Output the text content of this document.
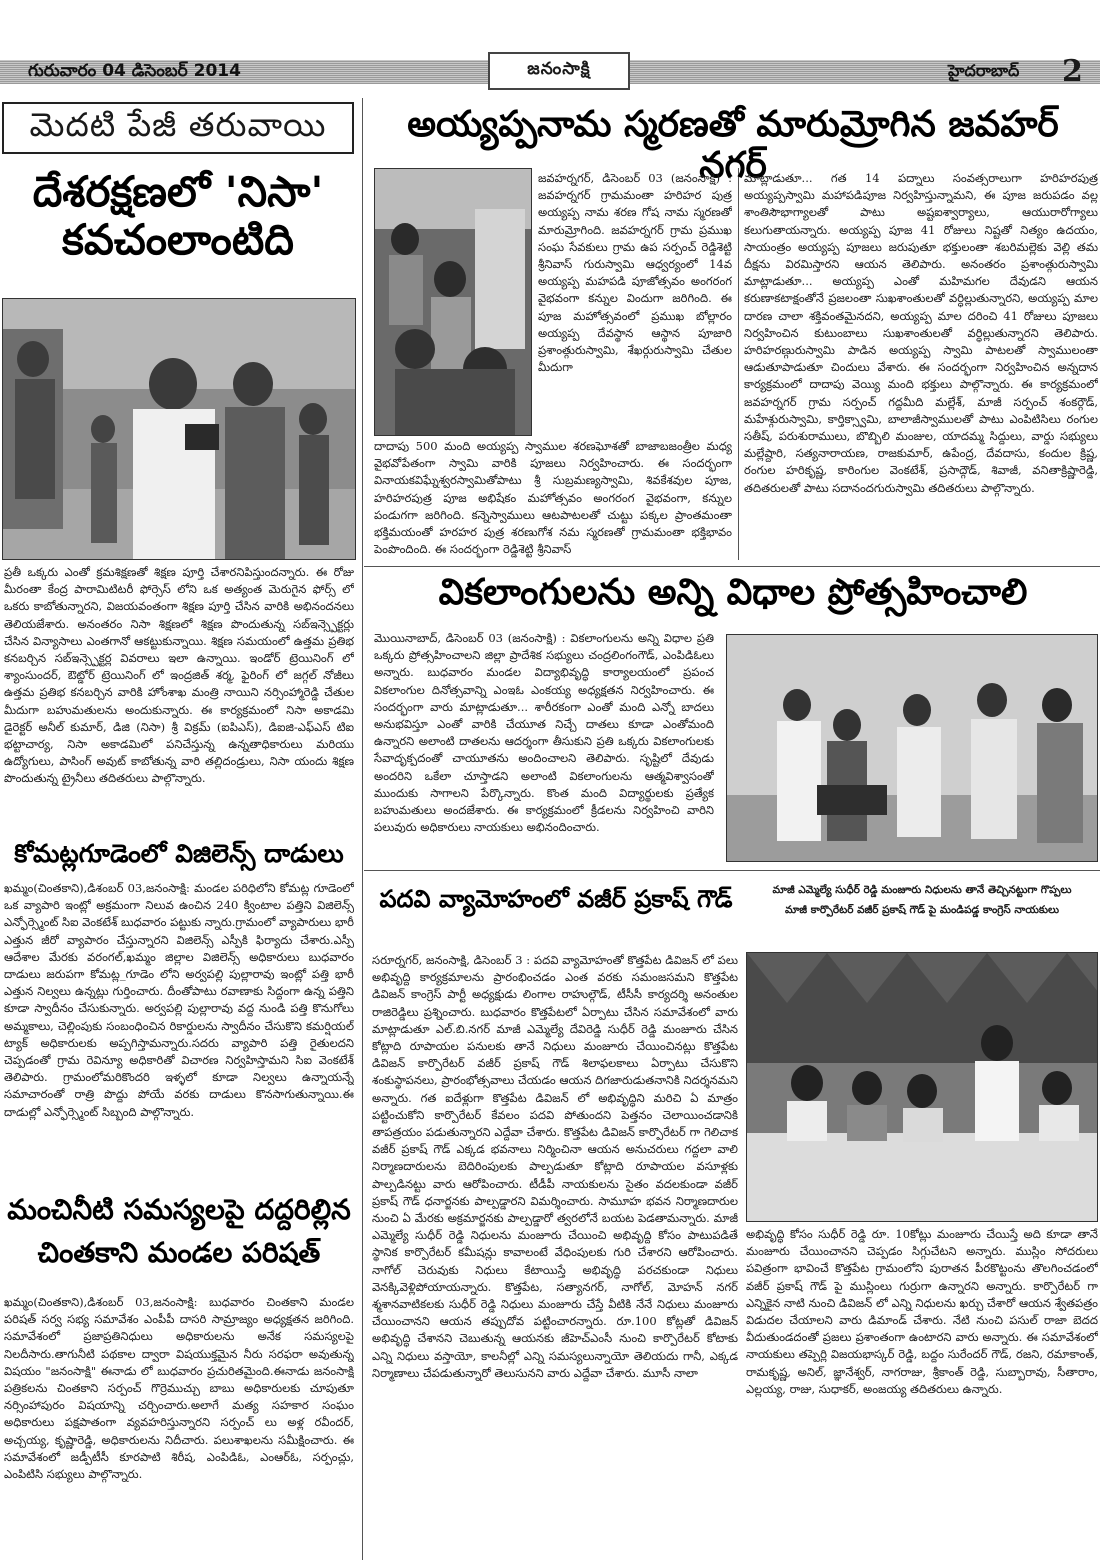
గురువారం 04 డిసెంబర్ 2014	జనంసాక్షి	హైదరాబాద్ 2
మెదటి పేజీ తరువాయి
దేశరక్షణలో 'నిసా' కవచంలాంటిది
ప్రతీ ఒక్కరు ఎంతో క్రమశిక్షణతో శిక్షణ పూర్తి చేశారనిపిస్తుందన్నారు. ఈ రోజు మీరంతా కేంద్ర పారామిటిటరీ ఫోర్సెస్ లోని ఒక అత్యంత మెరుగైన ఫోర్స్ లో ఒకరు కాబోతున్నారని, విజయవంతంగా శిక్షణ పూర్తి చేసిన వారికి అభినందనలు తెలియజేశారు. అనంతరం నిసా శిక్షణలో శిక్షణ పొందుతున్న సబ్ఇన్స్పెక్టర్లు చేసిన విన్యాసాలు ఎంతగానో ఆకట్టుకున్నాయి. శిక్షణ సమయంలో ఉత్తమ ప్రతిభ కనబర్చిన సబ్ఇన్స్పెక్టర్ల వివరాలు ఇలా ఉన్నాయి. ఇండోర్ ట్రెయినింగ్ లో శ్యాంసుందర్, ఔట్డోర్ ట్రెయినింగ్ లో ఇంద్రజిత్ శర్మ, ఫైరింగ్ లో జగ్గల్ నోజీలు ఉత్తమ ప్రతిభ కనబర్చిన వారికి హోంశాఖ మంత్రి నాయిని నర్సింహ్మారెడ్డి చేతుల మీదుగా బహుమతులను అందుకున్నారు. ఈ కార్యక్రమంలో నిసా అకాడమి డైరెక్టర్ అనీల్ కుమార్, డిజి (నిసా) శ్రీ విక్రమ్ (ఐపిఎస్), డిఐజి-ఎఫ్ఎస్ టిఐ భట్టాచార్య, నిసా అకాడమిలో పనిచేస్తున్న ఉన్నతాధికారులు మరియు ఉద్యోగులు, పాసింగ్ అవుట్ కాబోతున్న వారి తల్లిదండ్రులు, నిసా యందు శిక్షణ పొందుతున్న ట్రైనీలు తదితరులు పాల్గొన్నారు.
కోమట్లగూడెంలో విజిలెన్స్ దాడులు
ఖమ్మం(చింతకాని),డిశంబర్ 03,జనంసాక్షి: మండల పరిధిలోని కోమట్ల గూడెంలో ఒక వ్యాపారి ఇంట్లో అక్రమంగా నిలువ ఉంచిన 240 క్వింటాల పత్తిని విజిలెన్స్ ఎన్ఫోర్స్మెంట్ సిఐ వెంకటేశ్ బుధవారం పట్టుకు న్నారు.గ్రామంలో వ్యాపారులు భారీ ఎత్తున జీరో వ్యాపారం చేస్తున్నారని విజిలెన్స్ ఎస్పీకి ఫిర్యాదు చేశారు.ఎస్పీ ఆదేశాల మేరకు వరంగల్,ఖమ్మం జిల్లాల విజిలెన్స్ అధికారులు బుధవారం దాడులు జరుపగా కోమట్ల_గూడెం లోని అర్వపల్లి పుల్లారావు ఇంట్లో పత్తి భారీ ఎత్తున నిల్వలు ఉన్నట్లు గుర్తించారు. దీంతోపాటు రవాణాకు సిద్దంగా ఉన్న పత్తిని కూడా స్వాదీనం చేసుకున్నారు. అర్వపల్లి పుల్లారావు వద్ద నుండి పత్తి కొనుగోలు అమ్మకాలు, చెల్లింపుకు సంబంధించిన రికార్డులను స్వాదీనం చేసుకొని కమర్షియల్ ట్యాక్ అధికారులకు అప్పగిస్తామన్నారు.సదరు వ్యాపారి పత్తి రైతులదని చెప్పడంతో గ్రామ రెవిన్యూ అధికారితో విచారణ నిర్వహిస్తామని సిఐ వెంకటేశ్ తెలిపారు. గ్రామంలోమరికొందరి ఇళ్ళలో కూడా నిల్వలు ఉన్నాయన్నే సమాచారంతో రాత్రి పొద్దు పోయే వరకు దాడులు కొనసాగుతున్నాయి.ఈ దాడుల్లో ఎన్ఫోర్స్మెంట్ సిబ్బంది పాల్గొన్నారు.
మంచినీటి సమస్యలపై దద్దరిల్లిన
చింతకాని మండల పరిషత్
ఖమ్మం(చింతకాని),డిశంబర్ 03,జనంసాక్షి: బుధవారం చింతకాని మండల పరిషత్ సర్వ సభ్య సమావేశం ఎంపీపీ దాసరి సామ్రాజ్యం అధ్యక్షతన జరిగింది. సమావేశంలో ప్రజాప్రతినిధులు అధికారులను అనేక సమస్యలపై నిలదీసారు.తాగునీటి పథకాల ద్వారా విషయుక్తమైన నీరు సరఫరా అవుతున్న విషయం "జనంసాక్షి" ఈనాడు లో బుధవారం ప్రచురితమైంది.ఈనాడు జనంసాక్షి పత్రికలను చింతకాని సర్పంచ్ గొర్రెముచ్చు బాబు అధికారులకు చూపుతూ నర్సింహాపురం విషయాన్ని చర్చించారు.అలాగే మత్య సహకార సంఘం అధికారులు పక్షపాతంగా వ్యవహరిస్తున్నారని సర్పంచ్ లు అళ్ల రవీందర్, అచ్చయ్య, కృష్ణారెడ్డి, అధికారులను నిదీచారు. పలుశాఖలను సమీక్షించారు. ఈ సమావేశంలో జడ్పీటీసీ కూరపాటి శిరీష, ఎంపిడిఓ, ఎంఆర్ఓ, సర్పంచ్లు, ఎంపిటిసి సభ్యులు పాల్గొన్నారు.
అయ్యప్పనామ స్మరణతో మారుమ్రోగిన జవహర్ నగర్
జవహర్నగర్, డిసెంబర్ 03 (జనంసాక్షి) : జవహర్నగర్ గ్రామమంతా హరిహర పుత్ర అయ్యప్ప నామ శరణ గోష నామ స్మరణతో మారుమ్రోగింది. జవహర్నగర్ గ్రామ ప్రముఖ సంఘ సేవకులు గ్రామ ఉప సర్పంచ్ రెడ్డిశెట్టి శ్రీనివాస్ గురుస్వామి ఆధ్వర్యంలో 14వ అయ్యప్ప మహపడి పూజోత్సవం అంగరంగ వైభవంగా కన్నుల విందుగా జరిగింది. ఈ పూజ మహోత్సవంలో ప్రముఖ బోల్లారం అయ్యప్ప దేవస్థాన ఆస్థాన పూజారి ప్రశాంత్గురుస్వామి, శేఖర్గురుస్వామి చేతుల మీదుగా
దాదాపు 500 మంది అయ్యప్ప స్వాముల శరణఘోశతో బాజాబజంత్రీల మధ్య వైభవోపేతంగా స్వామి వారికి పూజలు నిర్వహించారు. ఈ సందర్భంగా వినాయకవిఘ్నేశ్వరస్వామితోపాటు శ్రీ సుబ్రమణ్యస్వామి, శివకేశవుల పూజ, హరిహరపుత్ర పూజ అభిషేకం మహోత్సవం అంగరంగ వైభవంగా, కన్నుల పండుగగా జరిగింది. కన్నెస్వాములు ఆటపాటలతో చుట్టు పక్కల ప్రాంతమంతా భక్తిమయంతో హరహర పుత్ర శరణుగోశ నమ స్మరణతో గ్రామమంతా భక్తిభావం పెంపొందింది. ఈ సందర్భంగా రెడ్డిశెట్టి శ్రీనివాస్
మాట్లాడుతూ... గత 14 పద్నాలు సంవత్సరాలుగా హరిహరపుత్ర అయ్యప్పస్వామి మహాపడిపూజ నిర్వహిస్తున్నామని, ఈ పూజ జరుపడం వల్ల శాంతిసౌభాగ్యాలతో పాటు అష్టఐశ్వార్యాలు, ఆయురారోగ్యాలు కలుగుతాయన్నారు. అయ్యప్ప పూజ 41 రోజులు నిష్టతో నిత్యం ఉదయం, సాయంత్రం అయ్యప్ప పూజలు జరుపుతూ భక్తులంతా శబరిమల్లెకు వెల్లి తమ దీక్షను విరమిస్తారని ఆయన తెలిపారు. అనంతరం ప్రశాంత్గురుస్వామి మాట్లాడుతూ... అయ్యప్ప ఎంతో మహిమగల దేవుడని ఆయన కరుణాకటాక్షంతోనే ప్రజలంతా సుఖశాంతులతో వర్ధిల్లుతున్నారని, అయ్యప్ప మాల దారణ చాలా శక్తివంతమైనదని, అయ్యప్ప మాల దరించి 41 రోజులు పూజలు నిర్వహించిన కుటుంబాలు సుఖశాంతులతో వర్ధిల్లుతున్నారని తెలిపారు. హరిహరణ్గురుస్వామి పాడిన అయ్యప్ప స్వామి పాటలతో స్వాములంతా ఆడుతూపాడుతూ చిందులు వేశారు. ఈ సందర్భంగా నిర్వహించిన అన్నదాన కార్యక్రమంలో దాదాపు వెయ్యి మంది భక్తులు పాల్గొన్నారు. ఈ కార్యక్రమంలో జవహర్నగర్ గ్రామ సర్పంచ్ గద్దమీది మల్లేశ్, మాజీ సర్పంచ్ శంకర్గౌడ్, మహేశ్గురుస్వామి, కార్తిక్స్వామి, బాలాజీస్వాములతో పాటు ఎంపిటిసిలు రంగుల సతీష్, పరుశురాములు, బొబ్బిలి మంజుల, యాదమ్మ సిద్దులు, వార్డు సభ్యులు మల్లేష్దారి, సత్యనారాయణ, రాజకుమార్, ఉపేంద్ర, దేవదాసు, కందుల క్రిష్ణ, రంగుల హరికృష్ణ, కారింగుల వెంకటేశ్, ప్రసాద్గౌడ్, శివాజీ, వనితాక్రిష్ణారెడ్డి, తదితరులతో పాటు సదానందగురుస్వామి తదితరులు పాల్గొన్నారు.
వికలాంగులను అన్ని విధాల ప్రోత్సహించాలి
మొయినాబాద్, డిసెంబర్ 03 (జనంసాక్షి) : వికలాంగులను అన్ని విధాల ప్రతి ఒక్కరు ప్రోత్సహించాలని జిల్లా ప్రాదేశిక సభ్యులు చంద్రలింగంగౌడ్, ఎంపిడిఓలు అన్నారు. బుధవారం మండల విద్యాభివృద్ధి కార్యాలయంలో ప్రపంచ వికలాంగుల దినోత్సవాన్ని ఎంఇఓ ఎంకయ్య అధ్యక్షతన నిర్వహించారు. ఈ సందర్భంగా వారు మాట్లాడుతూ... శారీరకంగా ఎంతో మంది ఎన్నో బాదలు అనుభవిస్తూ ఎంతో వారికి చేయూత నిచ్చే దాతలు కూడా ఎంతోమంది ఉన్నారని అలాంటి దాతలను ఆదర్శంగా తీసుకుని ప్రతి ఒక్కరు వికలాంగులకు సేవాదృక్పదంతో చాయూతను అందించాలని తెలిపారు. సృష్టిలో దేవుడు అందరిని ఒకేలా చూస్తాడని అలాంటి వికలాంగులను ఆత్మవిశ్వాసంతో ముందుకు సాగాలని పేర్కొన్నారు. కొంత మంది విద్యార్థులకు ప్రత్యేక బహుమతులు అందజేశారు. ఈ కార్యక్రమంలో క్రీడలను నిర్వహించి వారిని పలువురు అధికారులు నాయకులు అభినందించారు.
పదవి వ్యామోహంలో వజీర్ ప్రకాష్ గౌడ్	మాజీ ఎమ్మెల్యే సుధీర్ రెడ్డి మంజూరు నిధులను తానే తెచ్చినట్టుగా గొప్పలు
మాజీ కార్పొరేటర్ వజీర్ ప్రకాష్ గౌడ్ పై మండిపడ్డ కాంగ్రెస్ నాయకులు
సరూర్నగర్, జనంసాక్షి, డిసెంబర్ 3 : పదవి వ్యామోహంతో కొత్తపేట డివిజన్ లో పలు అభివృద్ది కార్యక్రమాలను ప్రారంభించడం ఎంత వరకు సమంజసమని కొత్తపేట డివిజన్ కాంగ్రెస్ పార్టీ అధ్యక్షుడు లింగాల రాహుల్గౌడ్, టీసీసీ కార్యదర్శి అనంతుల రాజిరెడ్డిలు ప్రశ్నించారు. బుధవారం కొత్తపేటలో ఏర్పాటు చేసిన సమావేశంలో వారు మాట్లాడుతూ ఎల్.బి.నగర్ మాజీ ఎమ్మెల్యే దేవిరెడ్డి సుధీర్ రెడ్డి మంజూరు చేసిన కోట్లాది రూపాయల పనులకు తానే నిధులు మంజూరు చేయించినట్లు కొత్తపేట డివిజన్ కార్పొరేటర్ వజీర్ ప్రకాష్ గౌడ్ శిలాఫలకాలు ఏర్పాటు చేసుకొని శంకుస్థాపనలు, ప్రారంభోత్సవాలు చేయడం ఆయన దిగజారుడుతనానికి నిదర్శనమని అన్నారు. గత ఐదేళ్లుగా కొత్తపేట డివిజన్ లో అభివృద్ధిని మరిచి ఏ మాత్రం పట్టించుకోని కార్పొరేటర్ కేవలం పదవి పోతుందని పెత్తనం చెలాయించడానికి తాపత్రయం పడుతున్నారని ఎద్దేవా చేశారు. కొత్తపేట డివిజన్ కార్పొరేటర్ గా గెలిచాక వజీర్ ప్రకాష్ గౌడ్ ఎక్కడ భవనాలు నిర్మించినా ఆయన అనుచరులు గద్దలా వాలి నిర్మాణదారులను బెదిరింపులకు పాల్పడుతూ కోట్లాది రూపాయల వసూళ్లకు పాల్పడినట్టు వారు ఆరోపించారు. టీడీపీ నాయకులను సైతం వదలకుండా వజీర్ ప్రకాష్ గౌడ్ ధనార్జనకు పాల్పడ్డారని విమర్శించారు. సామూహ భవన నిర్మాణదారుల నుంచి ఏ మేరకు అక్రమార్జనకు పాల్పడ్డారో త్వరలోనే బయట పెడతామన్నారు. మాజీ ఎమ్మెల్యే సుధీర్ రెడ్డి నిధులను మంజూరు చేయించి అభివృద్ది కోసం పాటుపడితే స్థానిక కార్పొరేటర్ కమీషన్లు కావాలంటే వేధింపులకు గురి చేశారని ఆరోపించారు. నాగోల్ చెరువుకు నిధులు కేటాయిస్తే అభివృద్ధి పరచకుండా నిధులు వెనక్కివెళ్లిపోయాయన్నారు. కొత్తపేట, సత్యానగర్, నాగోల్, మోహన్ నగర్ శ్మశానవాటికలకు సుధీర్ రెడ్డి నిధులు మంజూరు చేస్తే వీటికి నేనే నిధులు మంజూరు చేయించానని ఆయన తప్పుదోవ పట్టించారన్నారు. రూ.100 కోట్లతో డివిజన్ అభివృద్ధి చేశానని చెబుతున్న ఆయనకు జీహెచ్ఎంసీ నుంచి కార్పొరేటర్ కోటాకు ఎన్ని నిధులు వస్తాయో, కాలనీల్లో ఎన్ని సమస్యలున్నాయో తెలియదు గానీ, ఎక్కడ నిర్మాణాలు చేపడుతున్నారో తెలుసునని వారు ఎద్దేవా చేశారు. మూసీ నాలా
అభివృద్ధి కోసం సుధీర్ రెడ్డి రూ. 10కోట్లు మంజూరు చేయిస్తే అది కూడా తానే మంజూరు చేయించానని చెప్పడం సిగ్గుచేటని అన్నారు. ముస్లిం సోదరులు పవిత్రంగా భావించే కొత్తపేట గ్రామంలోని పురాతన పీరకొట్టంను తొలగించడంలో వజీర్ ప్రకాష్ గౌడ్ పై ముస్లింలు గుర్రుగా ఉన్నారని అన్నారు. కార్పొరేటర్ గా ఎన్నికైన నాటి నుంచి డివిజన్ లో ఎన్ని నిధులను ఖర్చు చేశారో ఆయన శ్వేతపత్రం విడుదల చేయాలని వారు డిమాండ్ చేశారు. నేటి నుంచి పసుల్ రాజా బెదద వీదుతుండదంతో ప్రజలు ప్రశాంతంగా ఉంటారని వారు అన్నారు. ఈ సమావేశంలో నాయకులు తప్పెర్లి విజయభాస్కర్ రెడ్డి, బద్దం సురేందర్ గౌడ్, రజని, రమాకాంత్, రామకృష్ణ, అనిల్, జ్ఞానేశ్వర్, నాగరాజు, శ్రీకాంత్ రెడ్డి, సుబ్బారావు, సీతారాం, ఎల్లయ్య, రాజు, సుధాకర్, అంజయ్య తదితరులు ఉన్నారు.
